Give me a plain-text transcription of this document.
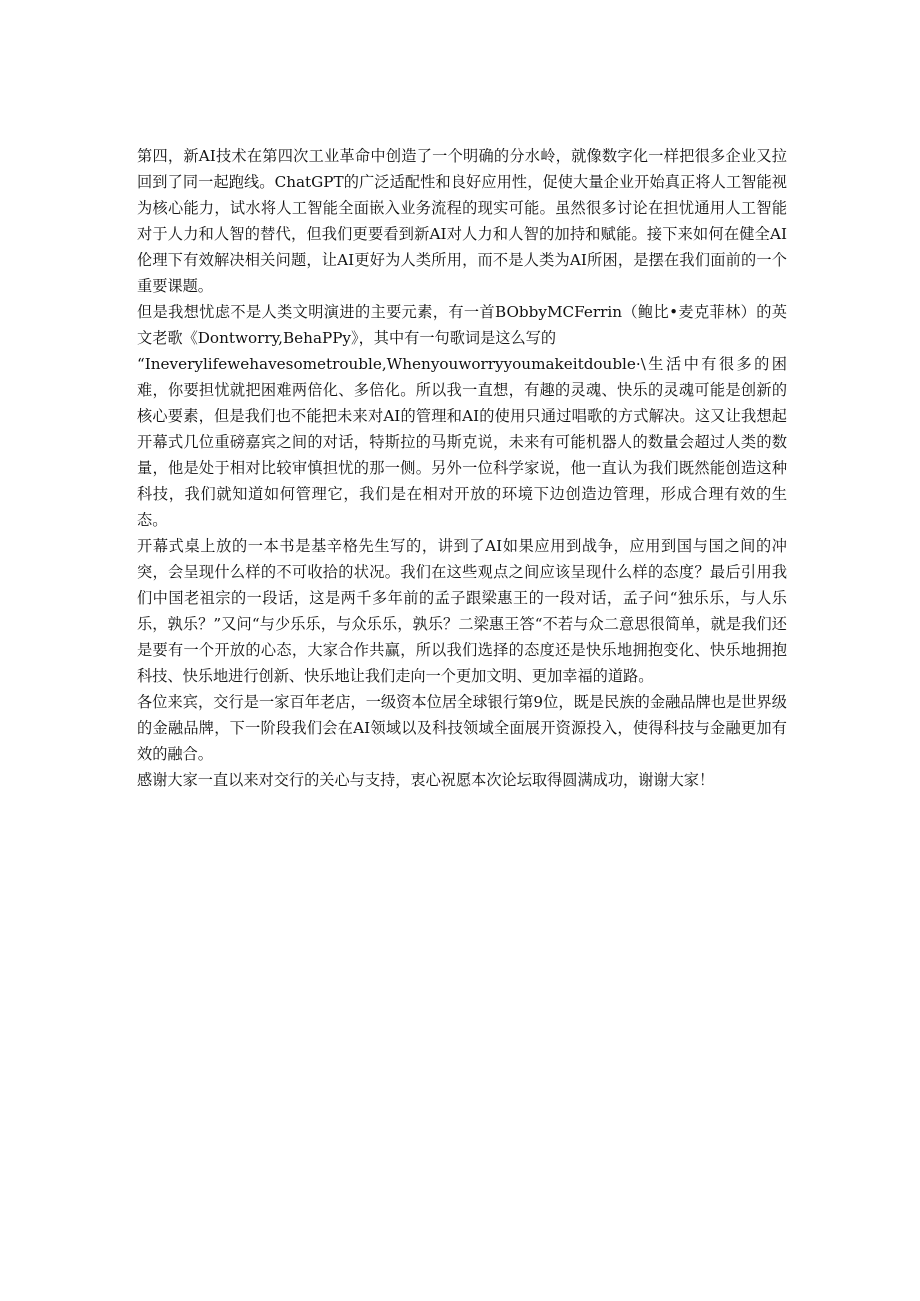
第四，新AI技术在第四次工业革命中创造了一个明确的分水岭，就像数字化一样把很多企业又拉回到了同一起跑线。ChatGPT的广泛适配性和良好应用性，促使大量企业开始真正将人工智能视为核心能力，试水将人工智能全面嵌入业务流程的现实可能。虽然很多讨论在担忧通用人工智能对于人力和人智的替代，但我们更要看到新AI对人力和人智的加持和赋能。接下来如何在健全AI伦理下有效解决相关问题，让AI更好为人类所用，而不是人类为AI所困，是摆在我们面前的一个重要课题。

但是我想忧虑不是人类文明演进的主要元素，有一首BObbyMCFerrin（鲍比•麦克菲林）的英文老歌《Dontworry,BehaPPy》，其中有一句歌词是这么写的

“Ineverylifewehavesometrouble,Whenyouworryyoumakeitdouble·\生活中有很多的困难，你要担忧就把困难两倍化、多倍化。所以我一直想，有趣的灵魂、快乐的灵魂可能是创新的核心要素，但是我们也不能把未来对AI的管理和AI的使用只通过唱歌的方式解决。这又让我想起开幕式几位重磅嘉宾之间的对话，特斯拉的马斯克说，未来有可能机器人的数量会超过人类的数量，他是处于相对比较审慎担忧的那一侧。另外一位科学家说，他一直认为我们既然能创造这种科技，我们就知道如何管理它，我们是在相对开放的环境下边创造边管理，形成合理有效的生态。

开幕式桌上放的一本书是基辛格先生写的，讲到了AI如果应用到战争，应用到国与国之间的冲突，会呈现什么样的不可收拾的状况。我们在这些观点之间应该呈现什么样的态度？最后引用我们中国老祖宗的一段话，这是两千多年前的孟子跟梁惠王的一段对话，孟子问“独乐乐，与人乐乐，孰乐？”又问“与少乐乐，与众乐乐，孰乐？二梁惠王答“不若与众二意思很简单，就是我们还是要有一个开放的心态，大家合作共赢，所以我们选择的态度还是快乐地拥抱变化、快乐地拥抱科技、快乐地进行创新、快乐地让我们走向一个更加文明、更加幸福的道路。

各位来宾，交行是一家百年老店，一级资本位居全球银行第9位，既是民族的金融品牌也是世界级的金融品牌，下一阶段我们会在AI领域以及科技领域全面展开资源投入，使得科技与金融更加有效的融合。

感谢大家一直以来对交行的关心与支持，衷心祝愿本次论坛取得圆满成功，谢谢大家！
